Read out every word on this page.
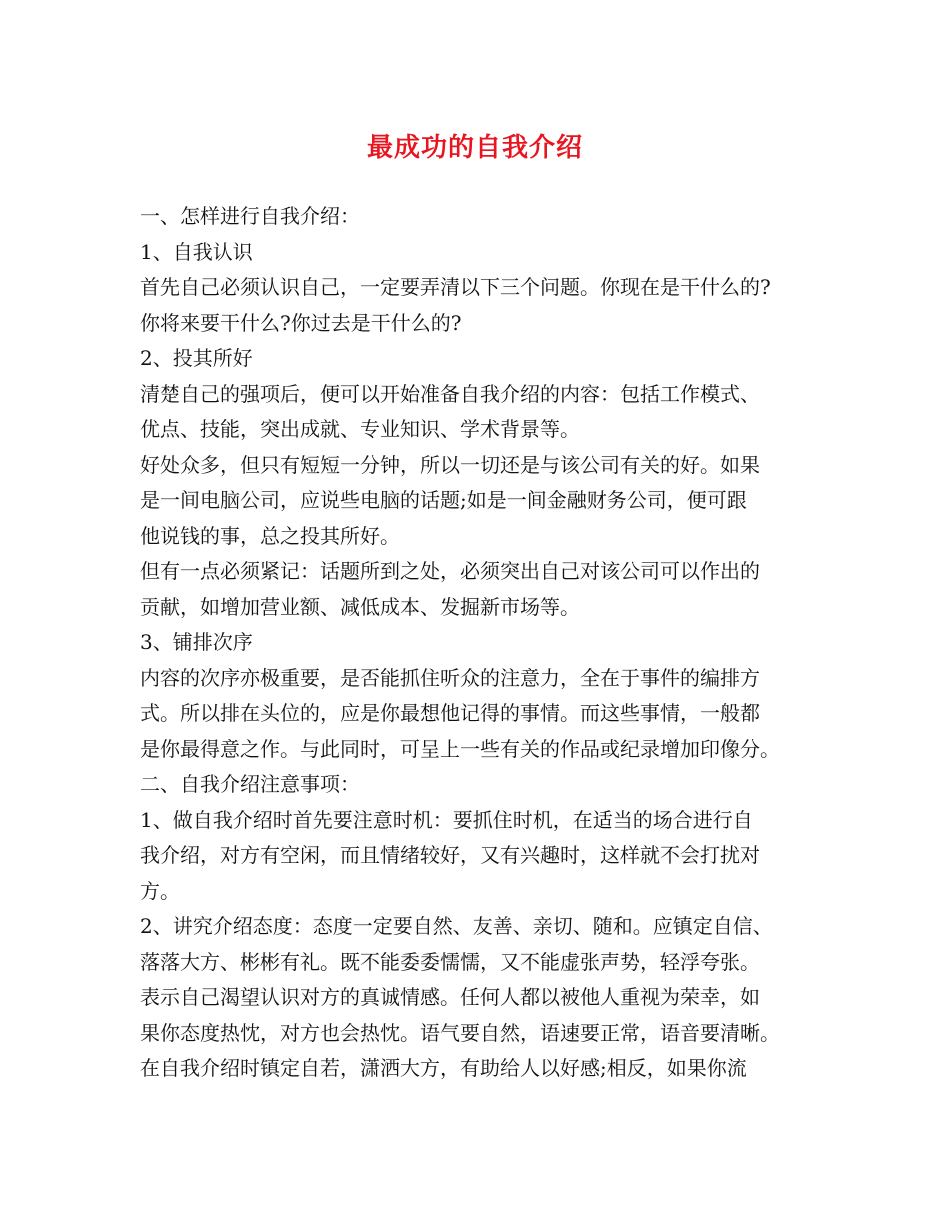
最成功的自我介绍
一、怎样进行自我介绍：
1、自我认识
首先自己必须认识自己，一定要弄清以下三个问题。你现在是干什么的?
你将来要干什么?你过去是干什么的?
2、投其所好
清楚自己的强项后，便可以开始准备自我介绍的内容：包括工作模式、
优点、技能，突出成就、专业知识、学术背景等。
好处众多，但只有短短一分钟，所以一切还是与该公司有关的好。如果
是一间电脑公司，应说些电脑的话题;如是一间金融财务公司，便可跟
他说钱的事，总之投其所好。
但有一点必须紧记：话题所到之处，必须突出自己对该公司可以作出的
贡献，如增加营业额、减低成本、发掘新市场等。
3、铺排次序
内容的次序亦极重要，是否能抓住听众的注意力，全在于事件的编排方
式。所以排在头位的，应是你最想他记得的事情。而这些事情，一般都
是你最得意之作。与此同时，可呈上一些有关的作品或纪录增加印像分。
二、自我介绍注意事项：
1、做自我介绍时首先要注意时机：要抓住时机，在适当的场合进行自
我介绍，对方有空闲，而且情绪较好，又有兴趣时，这样就不会打扰对
方。
2、讲究介绍态度：态度一定要自然、友善、亲切、随和。应镇定自信、
落落大方、彬彬有礼。既不能委委懦懦，又不能虚张声势，轻浮夸张。
表示自己渴望认识对方的真诚情感。任何人都以被他人重视为荣幸，如
果你态度热忱，对方也会热忱。语气要自然，语速要正常，语音要清晰。
在自我介绍时镇定自若，潇洒大方，有助给人以好感;相反，如果你流
